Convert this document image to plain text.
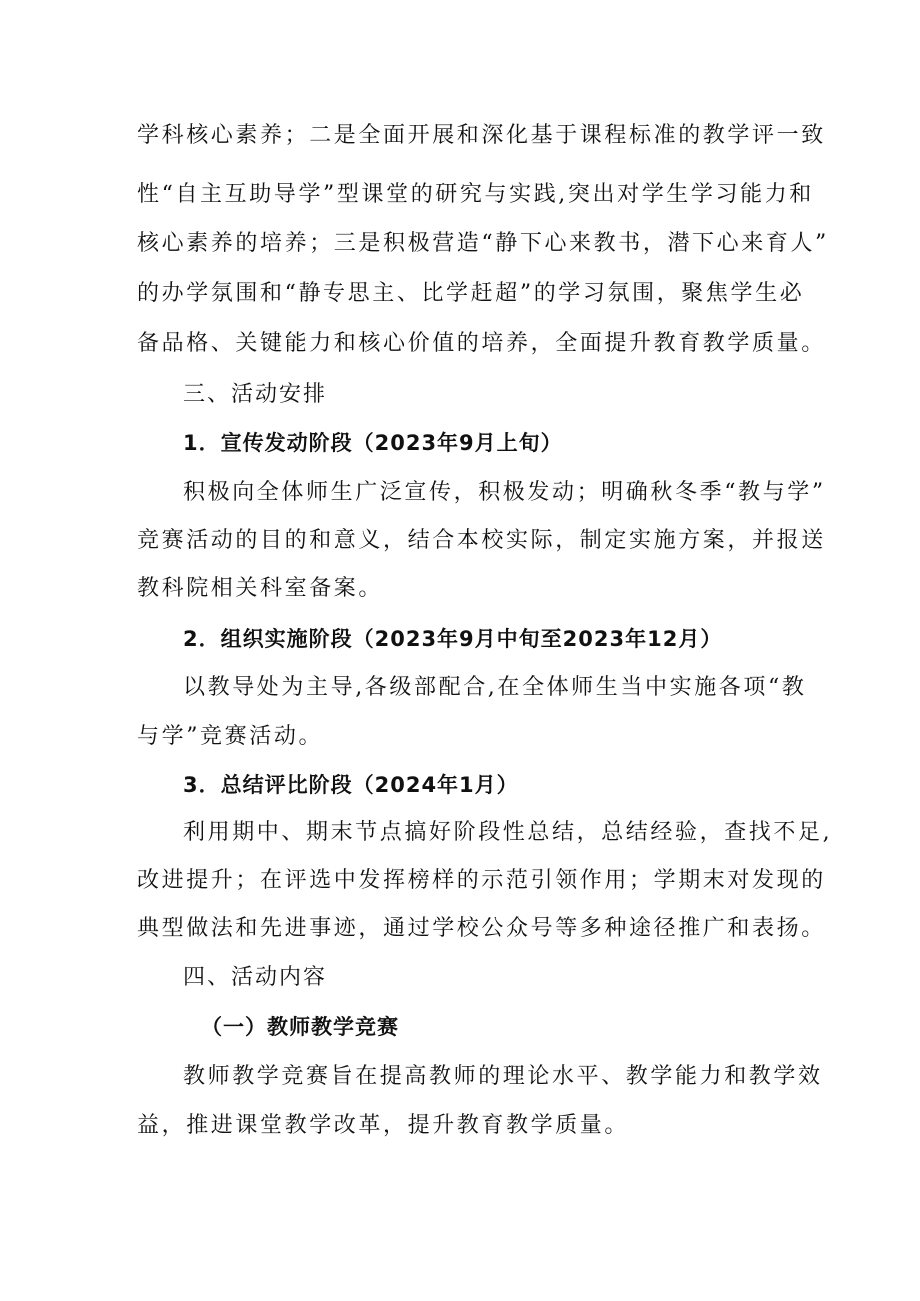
学科核心素养；二是全面开展和深化基于课程标准的教学评一致
性“自主互助导学”型课堂的研究与实践,突出对学生学习能力和
核心素养的培养；三是积极营造“静下心来教书，潜下心来育人”
的办学氛围和“静专思主、比学赶超”的学习氛围，聚焦学生必
备品格、关键能力和核心价值的培养，全面提升教育教学质量。
三、活动安排
1．宣传发动阶段（2023年9月上旬）
积极向全体师生广泛宣传，积极发动；明确秋冬季“教与学”
竞赛活动的目的和意义，结合本校实际，制定实施方案，并报送
教科院相关科室备案。
2．组织实施阶段（2023年9月中旬至2023年12月）
以教导处为主导,各级部配合,在全体师生当中实施各项“教
与学”竞赛活动。
3．总结评比阶段（2024年1月）
利用期中、期末节点搞好阶段性总结，总结经验，查找不足,
改进提升；在评选中发挥榜样的示范引领作用；学期末对发现的
典型做法和先进事迹，通过学校公众号等多种途径推广和表扬。
四、活动内容
（一）教师教学竞赛
教师教学竞赛旨在提高教师的理论水平、教学能力和教学效
益，推进课堂教学改革，提升教育教学质量。
